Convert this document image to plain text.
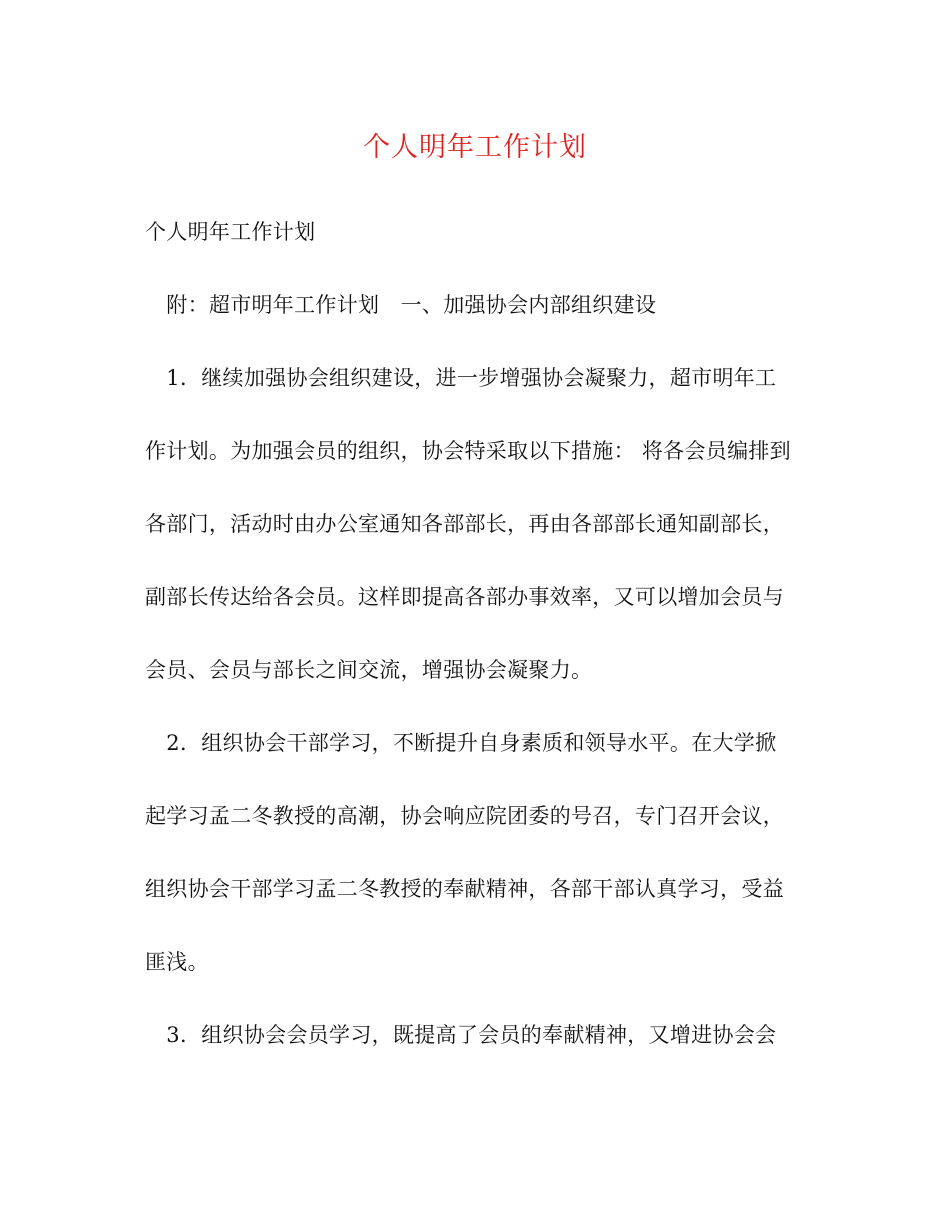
个人明年工作计划
个人明年工作计划
　附：超市明年工作计划　一、加强协会内部组织建设
　1．继续加强协会组织建设，进一步增强协会凝聚力，超市明年工
作计划。为加强会员的组织，协会特采取以下措施： 将各会员编排到
各部门，活动时由办公室通知各部部长，再由各部部长通知副部长，
副部长传达给各会员。这样即提高各部办事效率，又可以增加会员与
会员、会员与部长之间交流，增强协会凝聚力。
　2．组织协会干部学习，不断提升自身素质和领导水平。在大学掀
起学习孟二冬教授的高潮，协会响应院团委的号召，专门召开会议，
组织协会干部学习孟二冬教授的奉献精神，各部干部认真学习，受益
匪浅。
　3．组织协会会员学习，既提高了会员的奉献精神，又增进协会会
